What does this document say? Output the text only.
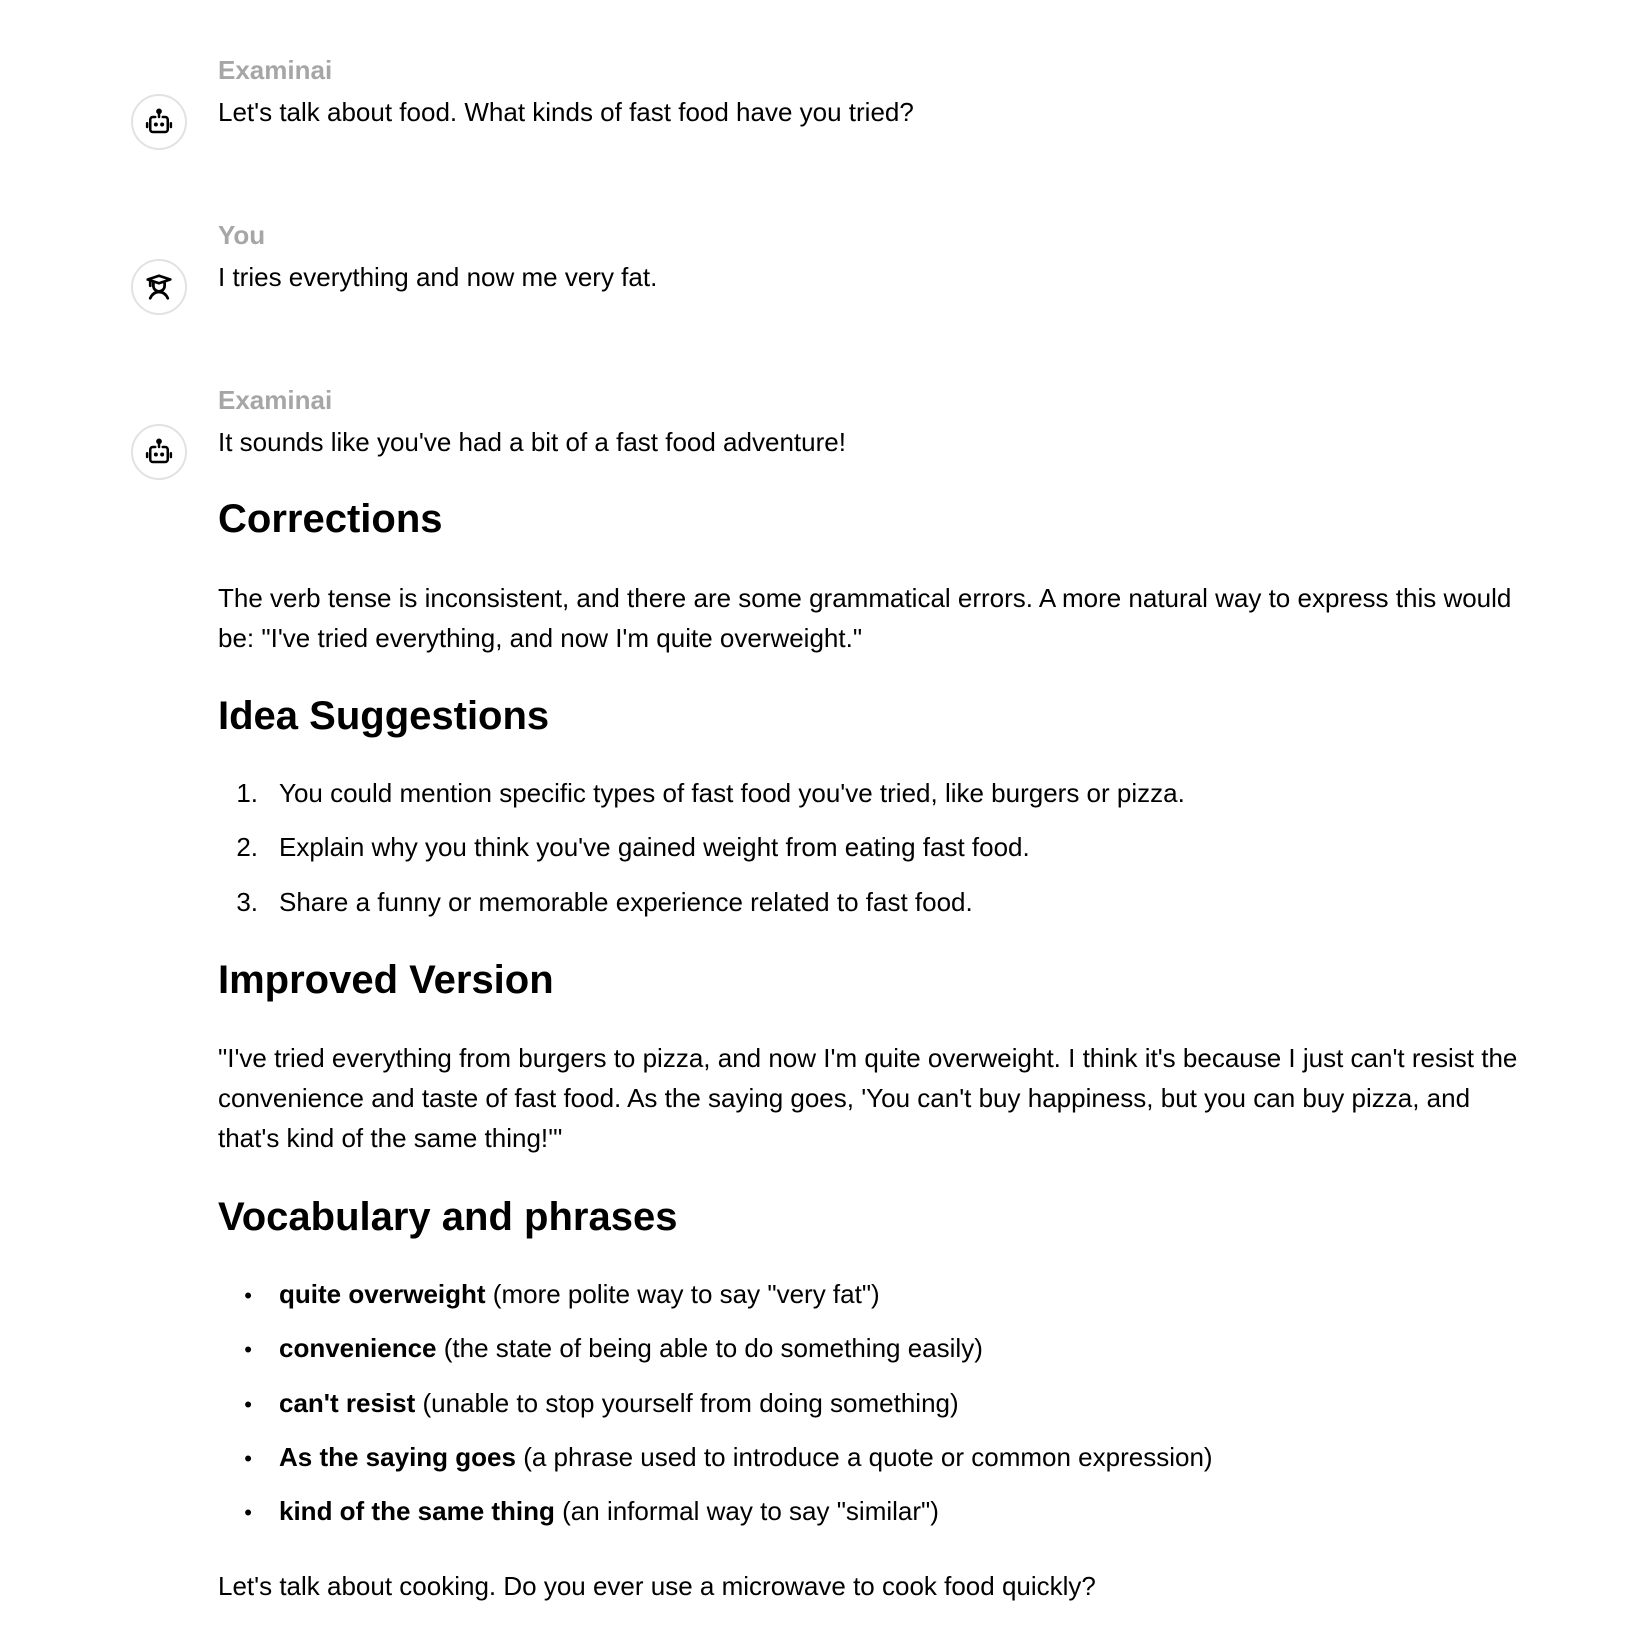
Examinai
Let's talk about food. What kinds of fast food have you tried?
You
I tries everything and now me very fat.
Examinai
It sounds like you've had a bit of a fast food adventure!
Corrections
The verb tense is inconsistent, and there are some grammatical errors. A more natural way to express this would be: "I've tried everything, and now I'm quite overweight."
Idea Suggestions
1. You could mention specific types of fast food you've tried, like burgers or pizza.
2. Explain why you think you've gained weight from eating fast food.
3. Share a funny or memorable experience related to fast food.
Improved Version
"I've tried everything from burgers to pizza, and now I'm quite overweight. I think it's because I just can't resist the convenience and taste of fast food. As the saying goes, 'You can't buy happiness, but you can buy pizza, and that's kind of the same thing!'"
Vocabulary and phrases
• quite overweight (more polite way to say "very fat")
• convenience (the state of being able to do something easily)
• can't resist (unable to stop yourself from doing something)
• As the saying goes (a phrase used to introduce a quote or common expression)
• kind of the same thing (an informal way to say "similar")
Let's talk about cooking. Do you ever use a microwave to cook food quickly?
